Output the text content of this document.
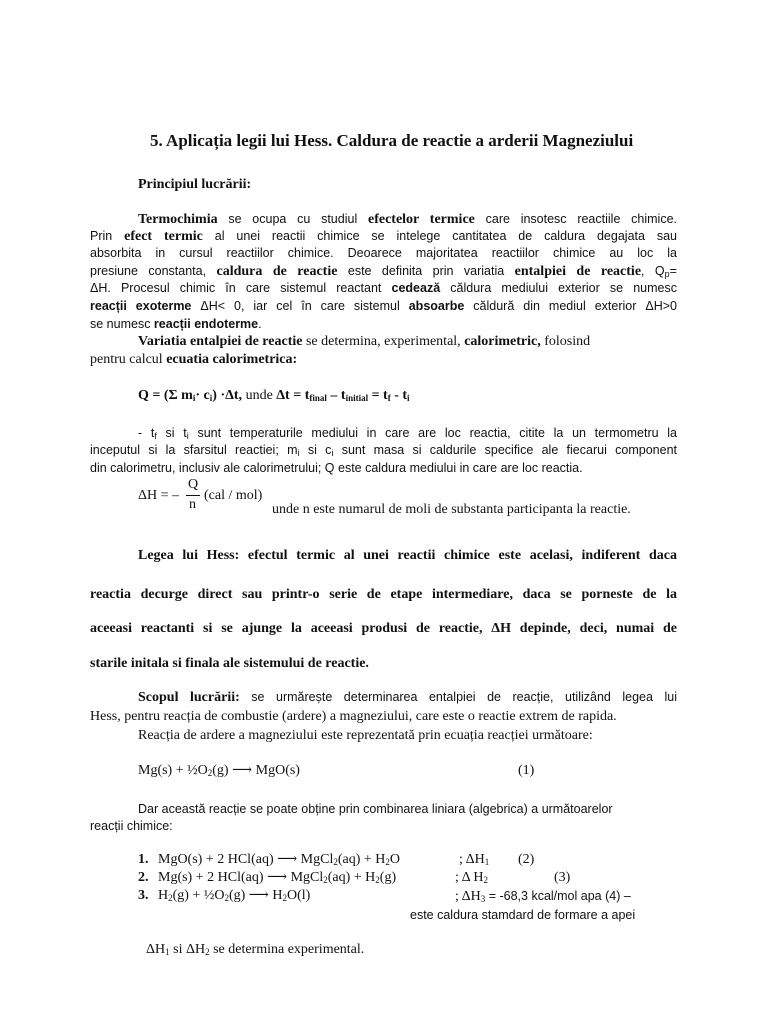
5. Aplicația legii lui Hess. Caldura de reactie a arderii Magneziului
Principiul lucrării:
Termochimia se ocupa cu studiul efectelor termice care insotesc reactiile chimice.
Prin efect termic al unei reactii chimice se intelege cantitatea de caldura degajata sau
absorbita in cursul reactiilor chimice. Deoarece majoritatea reactiilor chimice au loc la
presiune constanta, caldura de reactie este definita prin variatia entalpiei de reactie, $Q_p=$
ΔH. Procesul chimic în care sistemul reactant cedează căldura mediului exterior se numesc
reacții exoterme ΔH< 0, iar cel în care sistemul absoarbe căldură din mediul exterior ΔH>0
se numesc reacții endoterme.
Variatia entalpiei de reactie se determina, experimental, calorimetric, folosind
pentru calcul ecuatia calorimetrica:
Q = (Σ $m_i\cdot c_i) \cdot\Delta t$, unde $\Delta t = t_{final} - t_{initial} = t_f - t_i$
- $t_f$ si $t_i$ sunt temperaturile mediului in care are loc reactia, citite la un termometru la
inceputul si la sfarsitul reactiei; $m_i$ si $c_i$ sunt masa si caldurile specifice ale fiecarui component
din calorimetru, inclusiv ale calorimetrului; Q este caldura mediului in care are loc reactia.
ΔH = –
Q
n
(cal / mol)
unde n este numarul de moli de substanta participanta la reactie.
Legea lui Hess: efectul termic al unei reactii chimice este acelasi, indiferent daca
reactia decurge direct sau printr-o serie de etape intermediare, daca se porneste de la
aceeasi reactanti si se ajunge la aceeasi produsi de reactie, ΔH depinde, deci, numai de
starile initala si finala ale sistemului de reactie.
Scopul lucrării: se urmărește determinarea entalpiei de reacție, utilizând legea lui
Hess, pentru reacția de combustie (ardere) a magneziului, care este o reactie extrem de rapida.
Reacția de ardere a magneziului este reprezentată prin ecuația reacției următoare:
$Mg(s) + \frac{1}{2}O_2(g)$ ⟶ MgO(s)	(1)
Dar această reacție se poate obține prin combinarea liniara (algebrica) a următoarelor
reacții chimice:
1. MgO(s) + 2 HCl(aq) ⟶ MgCl$_2$(aq) + $H_2O$	; $\Delta H_1$ (2)
2. Mg(s) + 2 HCl(aq) ⟶ MgCl$_2$(aq) + $H_2(g)$	; Δ $H_2$	(3)
3. $H_2(g)$ + $\frac{1}{2}O_2(g)$ ⟶ $H_2O(l)$	; $\Delta H_3 = -68,3$ kcal/mol apa (4) –
este caldura stamdard de formare a apei
$\Delta H_1$ si $\Delta H_2$ se determina experimental.
